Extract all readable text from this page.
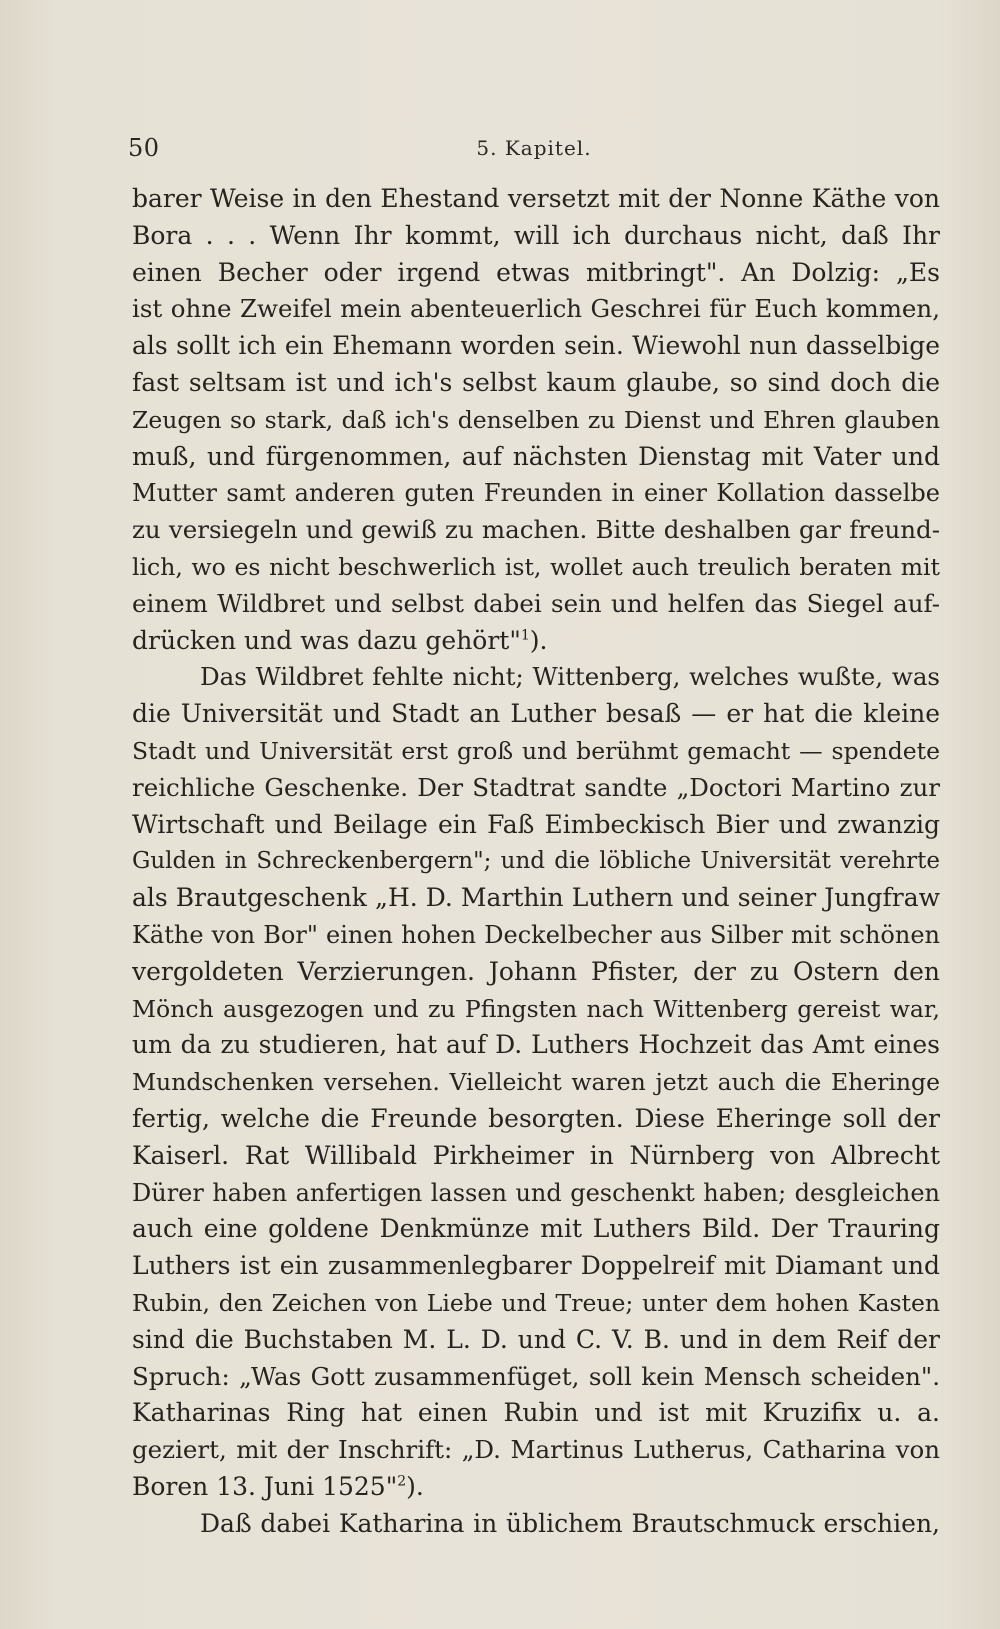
50	5. Kapitel.
barer Weise in den Ehestand versetzt mit der Nonne Käthe von
Bora . . . Wenn Ihr kommt, will ich durchaus nicht, daß Ihr
einen Becher oder irgend etwas mitbringt". An Dolzig: „Es
ist ohne Zweifel mein abenteuerlich Geschrei für Euch kommen,
als sollt ich ein Ehemann worden sein. Wiewohl nun dasselbige
fast seltsam ist und ich's selbst kaum glaube, so sind doch die
Zeugen so stark, daß ich's denselben zu Dienst und Ehren glauben
muß, und fürgenommen, auf nächsten Dienstag mit Vater und
Mutter samt anderen guten Freunden in einer Kollation dasselbe
zu versiegeln und gewiß zu machen. Bitte deshalben gar freund-
lich, wo es nicht beschwerlich ist, wollet auch treulich beraten mit
einem Wildbret und selbst dabei sein und helfen das Siegel auf-
drücken und was dazu gehört"$^1$).
Das Wildbret fehlte nicht; Wittenberg, welches wußte, was
die Universität und Stadt an Luther besaß — er hat die kleine
Stadt und Universität erst groß und berühmt gemacht — spendete
reichliche Geschenke. Der Stadtrat sandte „Doctori Martino zur
Wirtschaft und Beilage ein Faß Eimbeckisch Bier und zwanzig
Gulden in Schreckenbergern"; und die löbliche Universität verehrte
als Brautgeschenk „H. D. Marthin Luthern und seiner Jungfraw
Käthe von Bor" einen hohen Deckelbecher aus Silber mit schönen
vergoldeten Verzierungen. Johann Pfister, der zu Ostern den
Mönch ausgezogen und zu Pfingsten nach Wittenberg gereist war,
um da zu studieren, hat auf D. Luthers Hochzeit das Amt eines
Mundschenken versehen. Vielleicht waren jetzt auch die Eheringe
fertig, welche die Freunde besorgten. Diese Eheringe soll der
Kaiserl. Rat Willibald Pirkheimer in Nürnberg von Albrecht
Dürer haben anfertigen lassen und geschenkt haben; desgleichen
auch eine goldene Denkmünze mit Luthers Bild. Der Trauring
Luthers ist ein zusammenlegbarer Doppelreif mit Diamant und
Rubin, den Zeichen von Liebe und Treue; unter dem hohen Kasten
sind die Buchstaben M. L. D. und C. V. B. und in dem Reif der
Spruch: „Was Gott zusammenfüget, soll kein Mensch scheiden".
Katharinas Ring hat einen Rubin und ist mit Kruzifix u. a.
geziert, mit der Inschrift: „D. Martinus Lutherus, Catharina von
Boren 13. Juni 1525"$^2$).
Daß dabei Katharina in üblichem Brautschmuck erschien,
